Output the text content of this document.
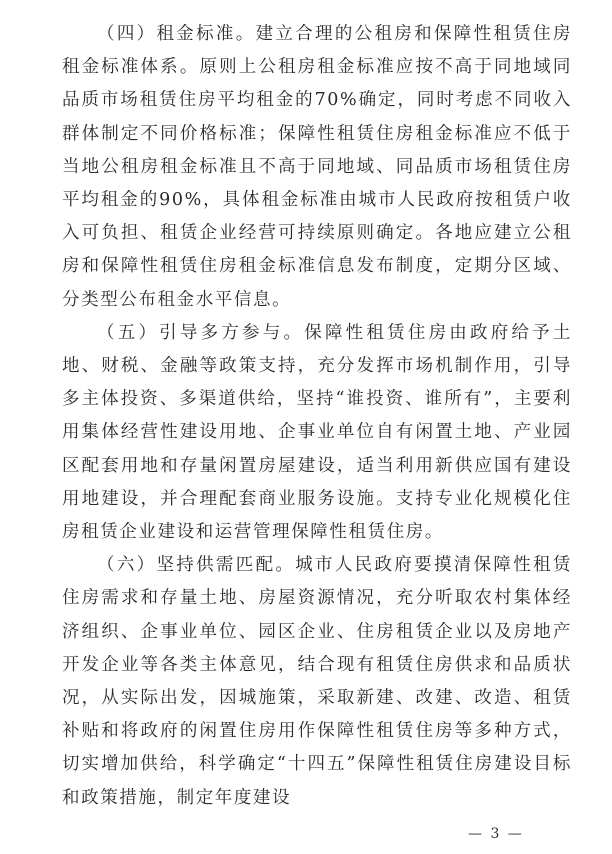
（四）租金标准。建立合理的公租房和保障性租赁住房租金标准体系。原则上公租房租金标准应按不高于同地域同品质市场租赁住房平均租金的70%确定，同时考虑不同收入群体制定不同价格标准；保障性租赁住房租金标准应不低于当地公租房租金标准且不高于同地域、同品质市场租赁住房平均租金的90%，具体租金标准由城市人民政府按租赁户收入可负担、租赁企业经营可持续原则确定。各地应建立公租房和保障性租赁住房租金标准信息发布制度，定期分区域、分类型公布租金水平信息。

（五）引导多方参与。保障性租赁住房由政府给予土地、财税、金融等政策支持，充分发挥市场机制作用，引导多主体投资、多渠道供给，坚持“谁投资、谁所有”，主要利用集体经营性建设用地、企事业单位自有闲置土地、产业园区配套用地和存量闲置房屋建设，适当利用新供应国有建设用地建设，并合理配套商业服务设施。支持专业化规模化住房租赁企业建设和运营管理保障性租赁住房。

（六）坚持供需匹配。城市人民政府要摸清保障性租赁住房需求和存量土地、房屋资源情况，充分听取农村集体经济组织、企事业单位、园区企业、住房租赁企业以及房地产开发企业等各类主体意见，结合现有租赁住房供求和品质状况，从实际出发，因城施策，采取新建、改建、改造、租赁补贴和将政府的闲置住房用作保障性租赁住房等多种方式，切实增加供给，科学确定“十四五”保障性租赁住房建设目标和政策措施，制定年度建设

— 3 —
